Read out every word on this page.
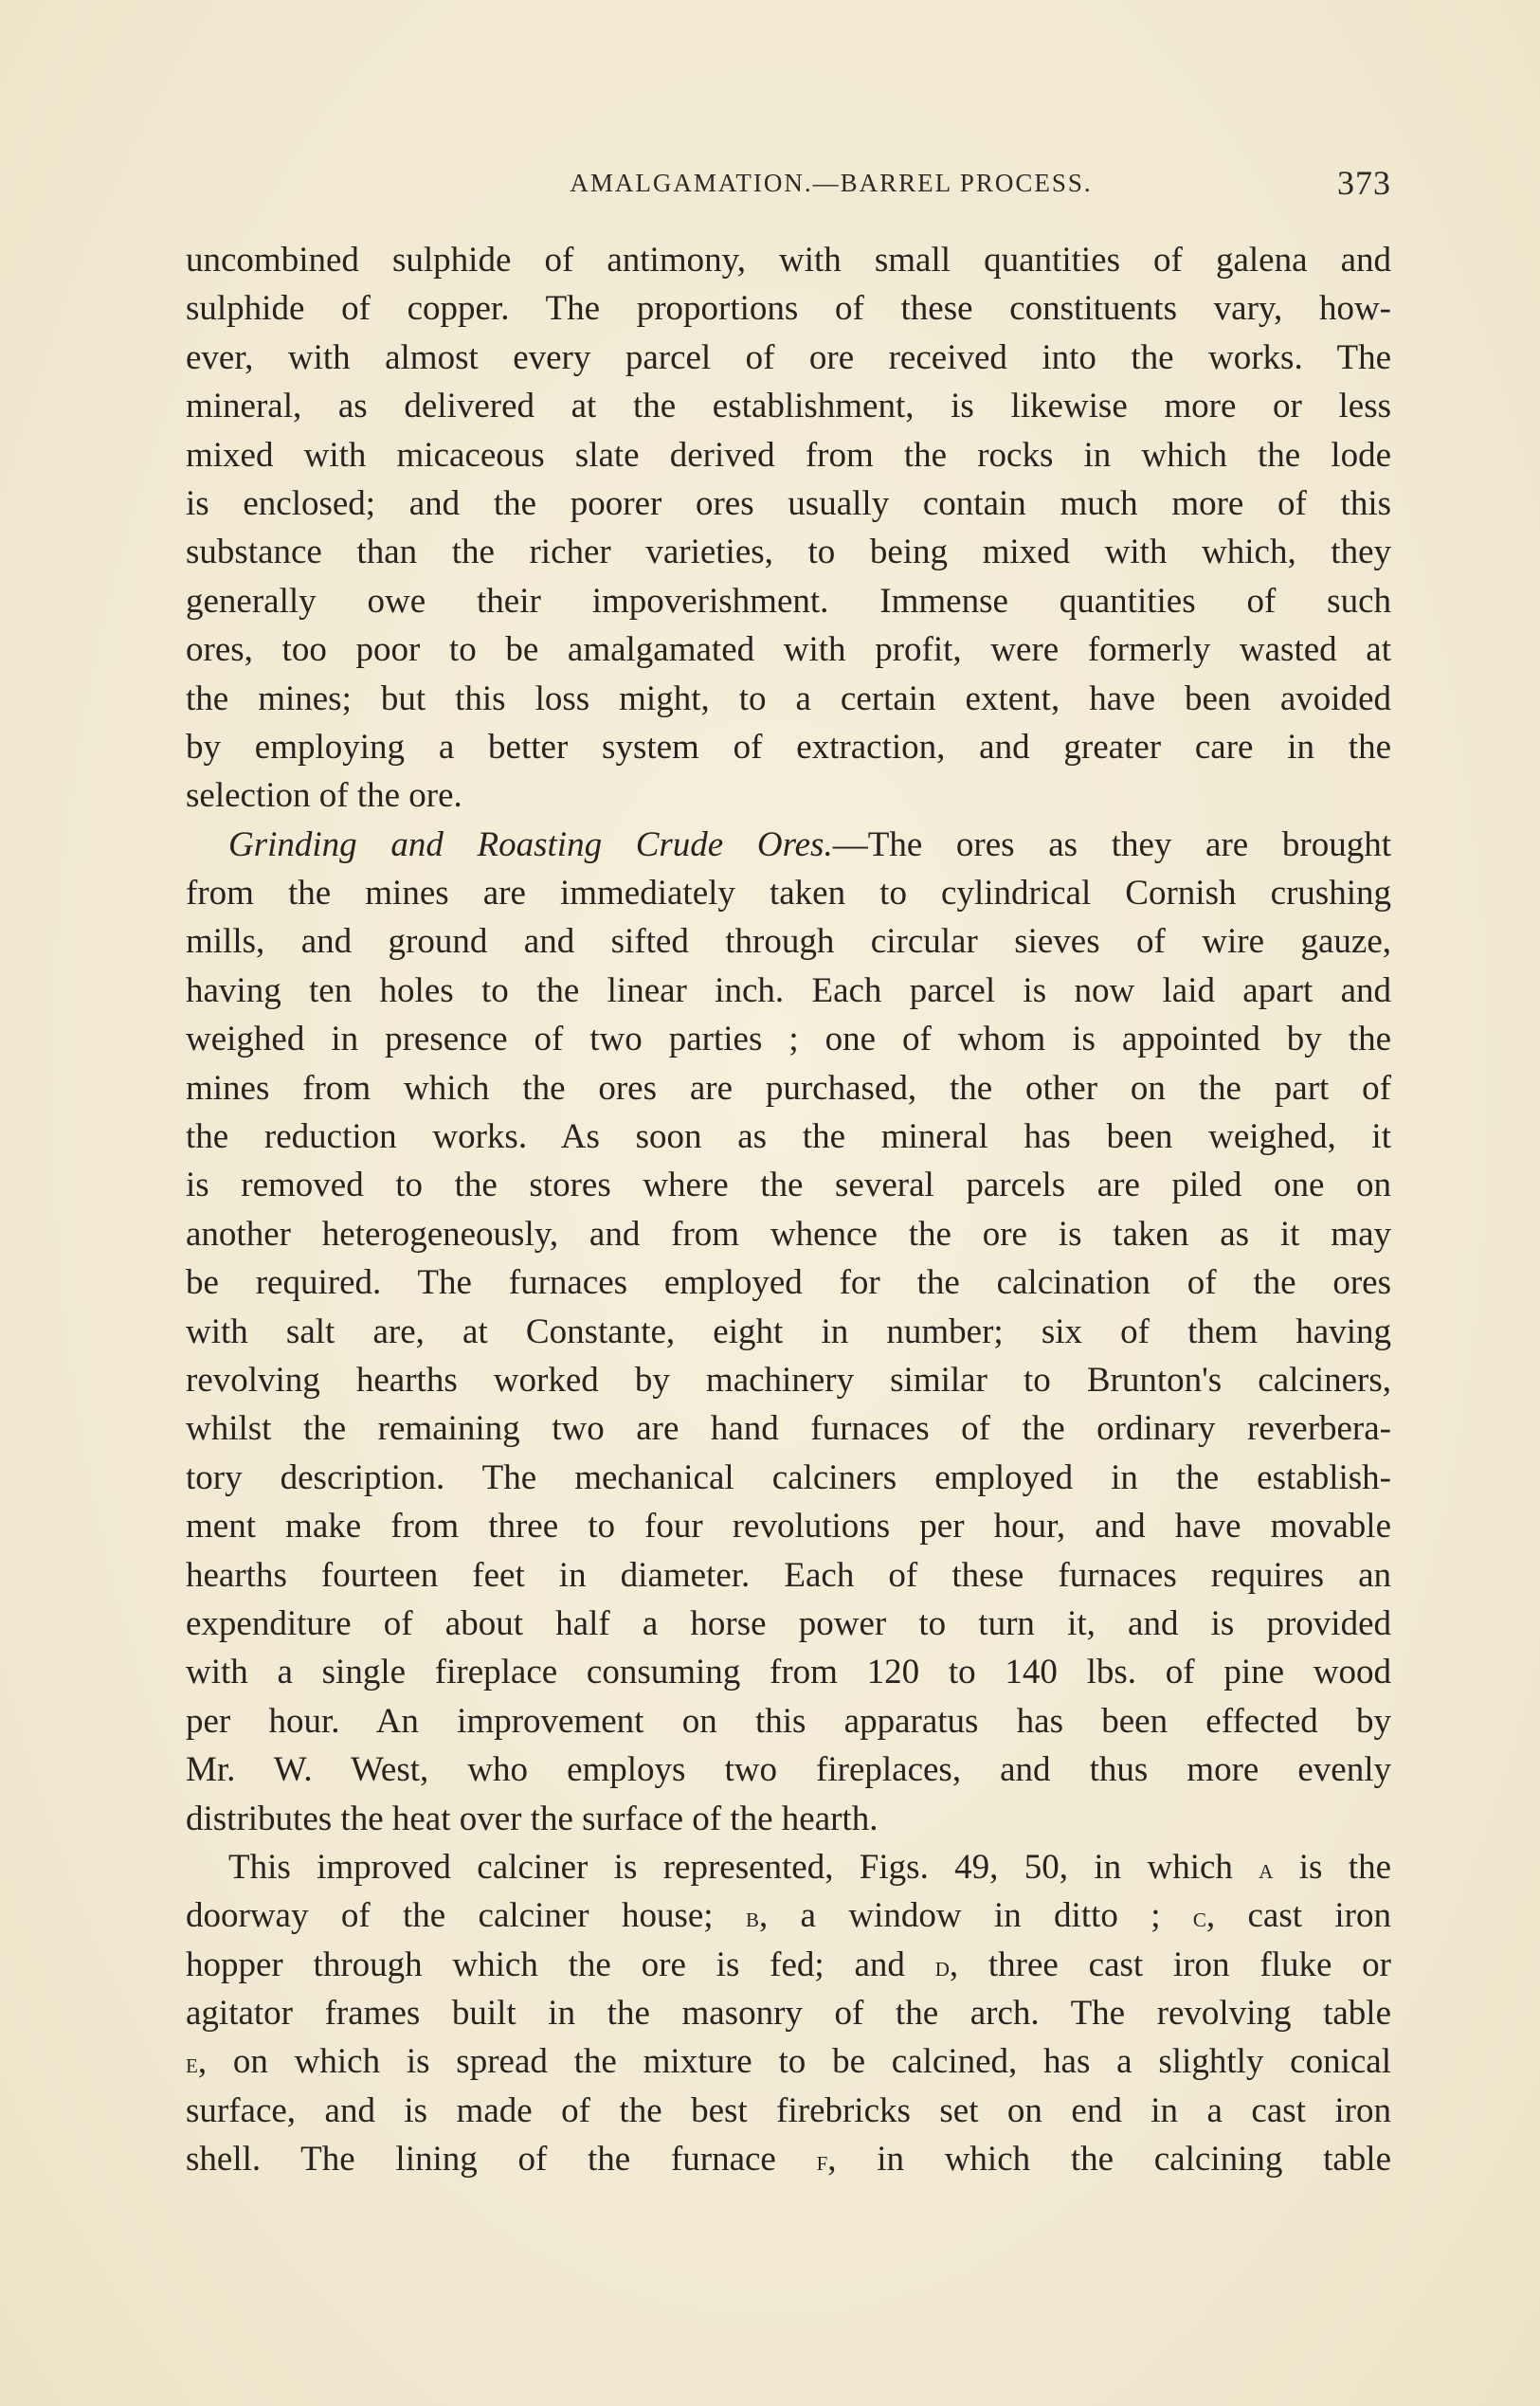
AMALGAMATION.—BARREL PROCESS.	373
uncombined sulphide of antimony, with small quantities of galena and
sulphide of copper. The proportions of these constituents vary, how-
ever, with almost every parcel of ore received into the works. The
mineral, as delivered at the establishment, is likewise more or less
mixed with micaceous slate derived from the rocks in which the lode
is enclosed; and the poorer ores usually contain much more of this
substance than the richer varieties, to being mixed with which, they
generally owe their impoverishment. Immense quantities of such
ores, too poor to be amalgamated with profit, were formerly wasted at
the mines; but this loss might, to a certain extent, have been avoided
by employing a better system of extraction, and greater care in the
selection of the ore.
Grinding and Roasting Crude Ores.—The ores as they are brought
from the mines are immediately taken to cylindrical Cornish crushing
mills, and ground and sifted through circular sieves of wire gauze,
having ten holes to the linear inch. Each parcel is now laid apart and
weighed in presence of two parties ; one of whom is appointed by the
mines from which the ores are purchased, the other on the part of
the reduction works. As soon as the mineral has been weighed, it
is removed to the stores where the several parcels are piled one on
another heterogeneously, and from whence the ore is taken as it may
be required. The furnaces employed for the calcination of the ores
with salt are, at Constante, eight in number; six of them having
revolving hearths worked by machinery similar to Brunton's calciners,
whilst the remaining two are hand furnaces of the ordinary reverbera-
tory description. The mechanical calciners employed in the establish-
ment make from three to four revolutions per hour, and have movable
hearths fourteen feet in diameter. Each of these furnaces requires an
expenditure of about half a horse power to turn it, and is provided
with a single fireplace consuming from 120 to 140 lbs. of pine wood
per hour. An improvement on this apparatus has been effected by
Mr. W. West, who employs two fireplaces, and thus more evenly
distributes the heat over the surface of the hearth.
This improved calciner is represented, Figs. 49, 50, in which a is the
doorway of the calciner house; b, a window in ditto ; c, cast iron
hopper through which the ore is fed; and d, three cast iron fluke or
agitator frames built in the masonry of the arch. The revolving table
e, on which is spread the mixture to be calcined, has a slightly conical
surface, and is made of the best firebricks set on end in a cast iron
shell. The lining of the furnace f, in which the calcining table
